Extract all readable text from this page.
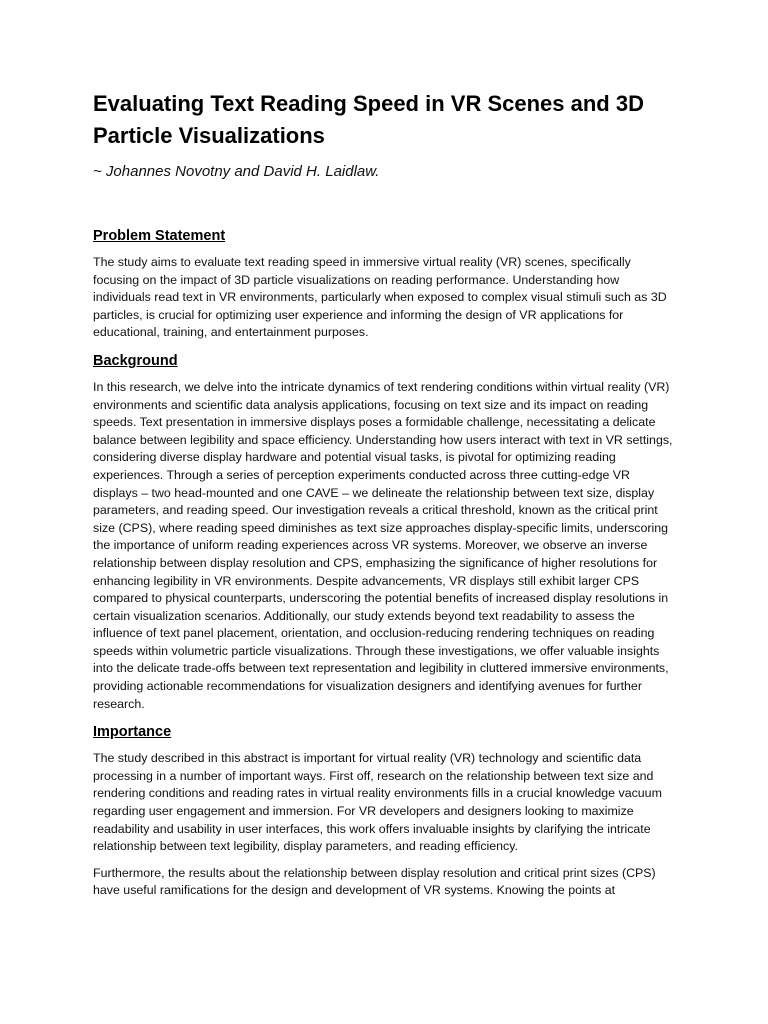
Evaluating Text Reading Speed in VR Scenes and 3D Particle Visualizations
~ Johannes Novotny and David H. Laidlaw.
Problem Statement

The study aims to evaluate text reading speed in immersive virtual reality (VR) scenes, specifically focusing on the impact of 3D particle visualizations on reading performance. Understanding how individuals read text in VR environments, particularly when exposed to complex visual stimuli such as 3D particles, is crucial for optimizing user experience and informing the design of VR applications for educational, training, and entertainment purposes.

Background

In this research, we delve into the intricate dynamics of text rendering conditions within virtual reality (VR) environments and scientific data analysis applications, focusing on text size and its impact on reading speeds. Text presentation in immersive displays poses a formidable challenge, necessitating a delicate balance between legibility and space efficiency. Understanding how users interact with text in VR settings, considering diverse display hardware and potential visual tasks, is pivotal for optimizing reading experiences. Through a series of perception experiments conducted across three cutting-edge VR displays – two head-mounted and one CAVE – we delineate the relationship between text size, display parameters, and reading speed. Our investigation reveals a critical threshold, known as the critical print size (CPS), where reading speed diminishes as text size approaches display-specific limits, underscoring the importance of uniform reading experiences across VR systems. Moreover, we observe an inverse relationship between display resolution and CPS, emphasizing the significance of higher resolutions for enhancing legibility in VR environments. Despite advancements, VR displays still exhibit larger CPS compared to physical counterparts, underscoring the potential benefits of increased display resolutions in certain visualization scenarios. Additionally, our study extends beyond text readability to assess the influence of text panel placement, orientation, and occlusion-reducing rendering techniques on reading speeds within volumetric particle visualizations. Through these investigations, we offer valuable insights into the delicate trade-offs between text representation and legibility in cluttered immersive environments, providing actionable recommendations for visualization designers and identifying avenues for further research.

Importance

The study described in this abstract is important for virtual reality (VR) technology and scientific data processing in a number of important ways. First off, research on the relationship between text size and rendering conditions and reading rates in virtual reality environments fills in a crucial knowledge vacuum regarding user engagement and immersion. For VR developers and designers looking to maximize readability and usability in user interfaces, this work offers invaluable insights by clarifying the intricate relationship between text legibility, display parameters, and reading efficiency.

Furthermore, the results about the relationship between display resolution and critical print sizes (CPS) have useful ramifications for the design and development of VR systems. Knowing the points at
